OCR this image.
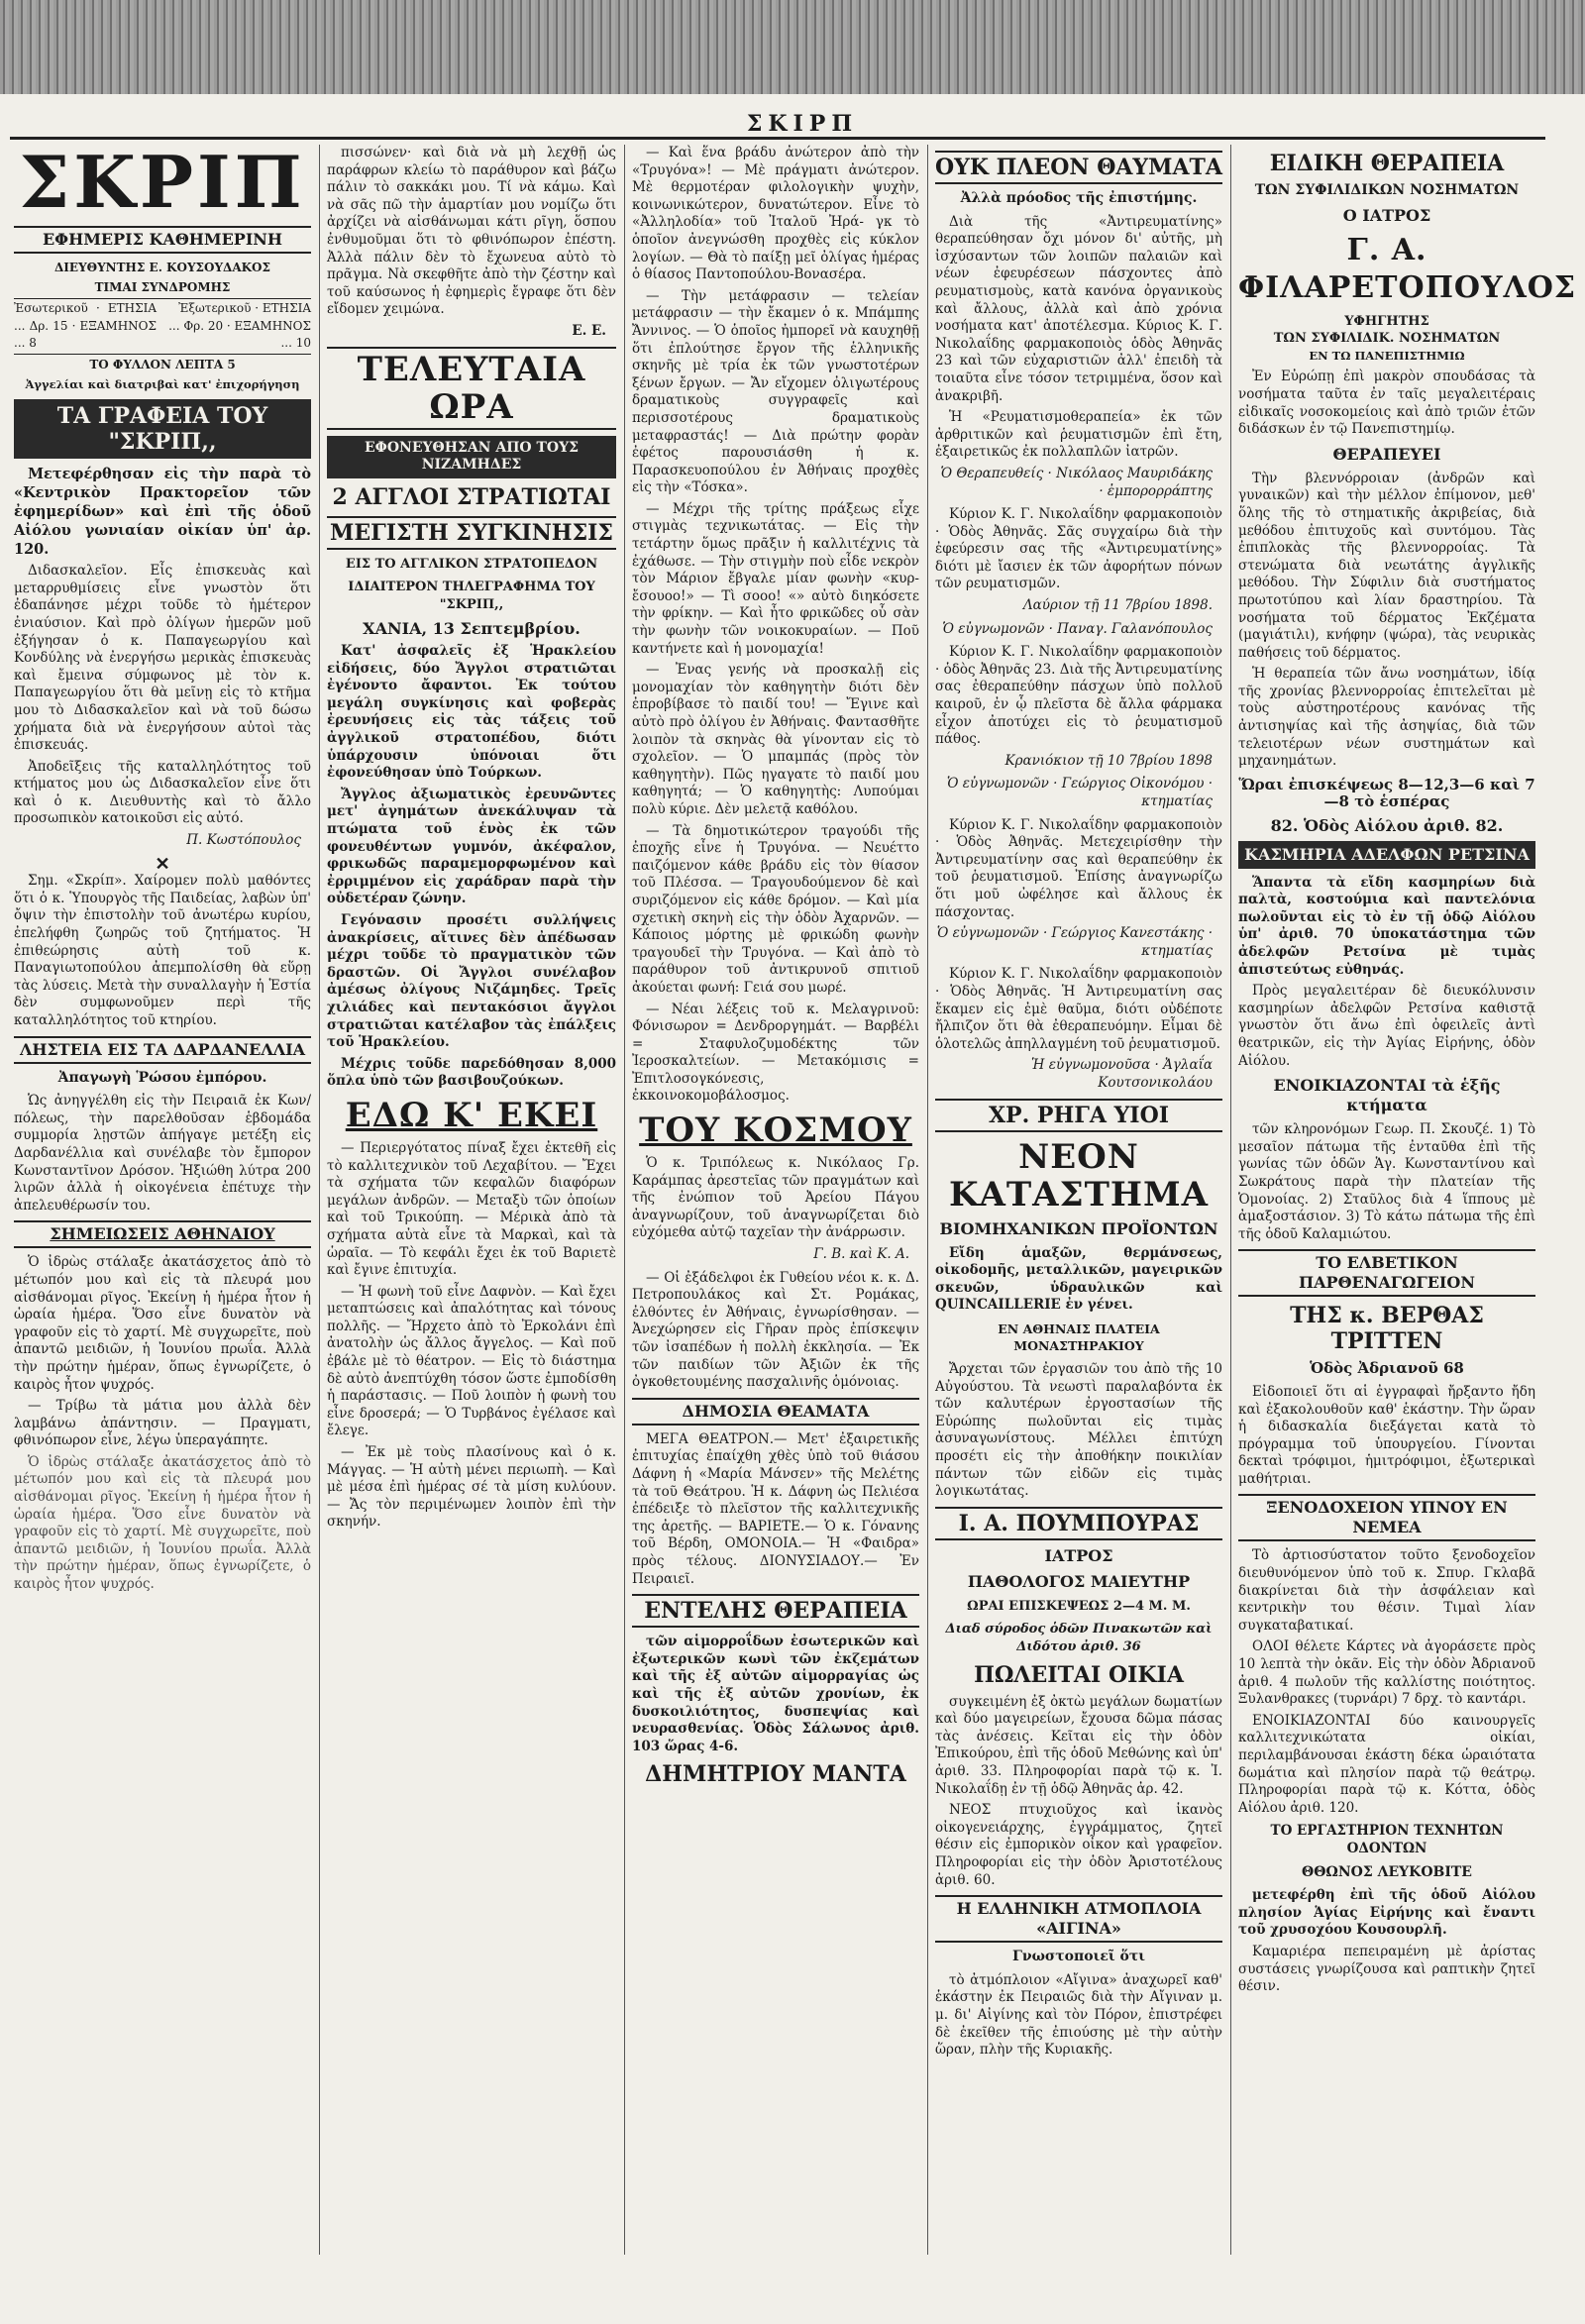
ΣΚΙΡΠ
ΣΚΡΙΠ
ΕΦΗΜΕΡΙΣ ΚΑΘΗΜΕΡΙΝΗ
ΔΙΕΥΘΥΝΤΗΣ Ε. ΚΟΥΣΟΥΔΑΚΟΣ
ΤΙΜΑΙ ΣΥΝΔΡΟΜΗΣ
Ἐσωτερικοῦ · ΕΤΗΣΙΑ ... Δρ. 15 · ΕΞΑΜΗΝΟΣ ... 8
Ἐξωτερικοῦ · ΕΤΗΣΙΑ ... Φρ. 20 · ΕΞΑΜΗΝΟΣ ... 10
ΤΟ ΦΥΛΛΟΝ ΛΕΠΤΑ 5
Ἀγγελίαι καὶ διατριβαὶ κατ' ἐπιχορήγηση
ΤΑ ΓΡΑΦΕΙΑ ΤΟΥ "ΣΚΡΙΠ,,

Μετεφέρθησαν εἰς τὴν παρὰ τὸ «Κεντρικὸν Πρακτορεῖον τῶν ἐφημερίδων» καὶ ἐπὶ τῆς ὁδοῦ Αἰόλου γωνιαίαν οἰκίαν ὑπ' ἀρ. 120.

Διδασκαλεῖον. Εἶς ἐπισκευὰς καὶ μεταρρυθμίσεις εἶνε γνωστὸν ὅτι ἐδαπάνησε μέχρι τοῦδε τὸ ἡμέτερον ἐνιαύσιον. Καὶ πρὸ ὀλίγων ἡμερῶν μοῦ ἐξήγησαν ὁ κ. Παπαγεωργίου καὶ Κονδύλης νὰ ἐνεργήσω μερικὰς ἐπισκευὰς καὶ ἔμεινα σύμφωνος μὲ τὸν κ. Παπαγεωργίου ὅτι θὰ μεῖνῃ εἰς τὸ κτῆμα μου τὸ Διδασκαλεῖον καὶ νὰ τοῦ δώσω χρήματα διὰ νὰ ἐνεργήσουν αὐτοὶ τὰς ἐπισκευάς.

Ἀποδεῖξεις τῆς καταλληλότητος τοῦ κτήματος μου ὡς Διδασκαλεῖον εἶνε ὅτι καὶ ὁ κ. Διευθυντὴς καὶ τὸ ἄλλο προσωπικὸν κατοικοῦσι εἰς αὐτό.

Π. Κωστόπουλος
✕

Σημ. «Σκρίπ». Χαίρομεν πολὺ μαθόντες ὅτι ὁ κ. Ὑπουργὸς τῆς Παιδείας, λαβὼν ὑπ' ὄψιν τὴν ἐπιστολὴν τοῦ ἀνωτέρω κυρίου, ἐπελήφθη ζωηρῶς τοῦ ζητήματος. Ἡ ἐπιθεώρησις αὐτὴ τοῦ κ. Παναγιωτοπούλου ἀπεμπολίσθη θὰ εὕρῃ τὰς λύσεις. Μετὰ τὴν συναλλαγὴν ἡ Ἑστία δὲν συμφωνοῦμεν περὶ τῆς καταλληλότητος τοῦ κτηρίου.

ΛΗΣΤΕΙΑ ΕΙΣ ΤΑ ΔΑΡΔΑΝΕΛΛΙΑ
Ἀπαγωγὴ Ῥώσου ἐμπόρου.

Ὡς ἀνηγγέλθη εἰς τὴν Πειραιᾶ ἐκ Κων/πόλεως, τὴν παρελθοῦσαν ἑβδομάδα συμμορία λῃστῶν ἀπήγαγε μετέξη εἰς Δαρδανέλλια καὶ συνέλαβε τὸν ἔμπορον Κωνσταντῖνον Δρόσον. Ἠξιώθη λύτρα 200 λιρῶν ἀλλὰ ἡ οἰκογένεια ἐπέτυχε τὴν ἀπελευθέρωσίν του.

ΣΗΜΕΙΩΣΕΙΣ ΑΘΗΝΑΙΟΥ

Ὁ ἰδρὼς στάλαξε ἀκατάσχετος ἀπὸ τὸ μέτωπόν μου καὶ εἰς τὰ πλευρά μου αἰσθάνομαι ρῖγος. Ἐκείνη ἡ ἡμέρα ἦτον ἡ ὡραία ἡμέρα. Ὅσο εἶνε δυνατὸν νὰ γραφοῦν εἰς τὸ χαρτί. Μὲ συγχωρεῖτε, ποὺ ἀπαντῶ μειδιῶν, ἡ Ἰουνίου πρωΐα. Ἀλλὰ τὴν πρώτην ἡμέραν, ὅπως ἐγνωρίζετε, ὁ καιρὸς ἦτον ψυχρός.

— Τρίβω τὰ μάτια μου ἀλλὰ δὲν λαμβάνω ἀπάντησιν. — Πραγματι, φθινόπωρον εἶνε, λέγω ὑπεραγάπητε.

Ὁ ἰδρὼς στάλαξε ἀκατάσχετος ἀπὸ τὸ μέτωπόν μου καὶ εἰς τὰ πλευρά μου αἰσθάνομαι ρῖγος. Ἐκείνη ἡ ἡμέρα ἦτον ἡ ὡραία ἡμέρα. Ὅσο εἶνε δυνατὸν νὰ γραφοῦν εἰς τὸ χαρτί. Μὲ συγχωρεῖτε, ποὺ ἀπαντῶ μειδιῶν, ἡ Ἰουνίου πρωΐα. Ἀλλὰ τὴν πρώτην ἡμέραν, ὅπως ἐγνωρίζετε, ὁ καιρὸς ἦτον ψυχρός.

πισσώνεν· καὶ διὰ νὰ μὴ λεχθῇ ὡς παράφρων κλείω τὸ παράθυρον καὶ βάζω πάλιν τὸ σακκάκι μου. Τί νὰ κάμω. Καὶ νὰ σᾶς πῶ τὴν ἁμαρτίαν μου νομίζω ὅτι ἀρχίζει νὰ αἰσθάνωμαι κάτι ρῖγη, ὅσπου ἐνθυμοῦμαι ὅτι τὸ φθινόπωρον ἐπέστη. Ἀλλὰ πάλιν δὲν τὸ ἔχωνευα αὐτὸ τὸ πρᾶγμα. Νὰ σκεφθῆτε ἀπὸ τὴν ζέστην καὶ τοῦ καύσωνος ἡ ἐφημερὶς ἔγραφε ὅτι δὲν εἴδομεν χειμώνα.

Ε. Ε.
ΤΕΛΕΥΤΑΙΑ ΩΡΑ
ΕΦΟΝΕΥΘΗΣΑΝ ΑΠΟ ΤΟΥΣ ΝΙΖΑΜΗΔΕΣ
2 ΑΓΓΛΟΙ ΣΤΡΑΤΙΩΤΑΙ
ΜΕΓΙΣΤΗ ΣΥΓΚΙΝΗΣΙΣ
ΕΙΣ ΤΟ ΑΓΓΛΙΚΟΝ ΣΤΡΑΤΟΠΕΔΟΝ
ΙΔΙΑΙΤΕΡΟΝ ΤΗΛΕΓΡΑΦΗΜΑ ΤΟΥ "ΣΚΡΙΠ,,
ΧΑΝΙΑ, 13 Σεπτεμβρίου.

Κατ' ἀσφαλεῖς ἐξ Ἡρακλείου εἰδήσεις, δύο Ἄγγλοι στρατιῶται ἐγένοντο ἄφαντοι. Ἐκ τούτου μεγάλη συγκίνησις καὶ φοβερὰς ἐρευνήσεις εἰς τὰς τάξεις τοῦ ἀγγλικοῦ στρατοπέδου, διότι ὑπάρχουσιν ὑπόνοιαι ὅτι ἐφονεύθησαν ὑπὸ Τούρκων.

Ἄγγλος ἀξιωματικὸς ἐρευνῶντες μετ' ἀγημάτων ἀνεκάλυψαν τὰ πτώματα τοῦ ἑνὸς ἐκ τῶν φονευθέντων γυμνόν, ἀκέφαλον, φρικωδῶς παραμεμορφωμένον καὶ ἐρριμμένον εἰς χαράδραν παρὰ τὴν οὐδετέραν ζώνην.

Γεγόνασιν προσέτι συλλήψεις ἀνακρίσεις, αἴτινες δὲν ἀπέδωσαν μέχρι τοῦδε τὸ πραγματικὸν τῶν δραστῶν. Οἱ Ἄγγλοι συνέλαβον ἀμέσως ὀλίγους Νιζάμηδες. Τρεῖς χιλιάδες καὶ πεντακόσιοι ἄγγλοι στρατιῶται κατέλαβον τὰς ἐπάλξεις τοῦ Ἡρακλείου.

Μέχρις τοῦδε παρεδόθησαν 8,000 ὅπλα ὑπὸ τῶν βασιβουζούκων.

ΕΔΩ Κ' ΕΚΕΙ

— Περιεργότατος πίναξ ἔχει ἐκτεθῆ εἰς τὸ καλλιτεχνικὸν τοῦ Λεχαβίτου. — Ἔχει τὰ σχήματα τῶν κεφαλῶν διαφόρων μεγάλων ἀνδρῶν. — Μεταξὺ τῶν ὁποίων καὶ τοῦ Τρικούπη. — Μέρικὰ ἀπὸ τὰ σχήματα αὐτὰ εἶνε τὰ Μαρκαὶ, καὶ τὰ ὡραῖα. — Τὸ κεφάλι ἔχει ἐκ τοῦ Βαριετὲ καὶ ἔγινε ἐπιτυχία.

— Ἡ φωνὴ τοῦ εἶνε Δαφνὸν. — Καὶ ἔχει μεταπτώσεις καὶ ἀπαλότητας καὶ τόνους πολλῆς. — Ἤρχετο ἀπὸ τὸ Ἐρκολάνι ἐπὶ ἀνατολὴν ὡς ἄλλος ἄγγελος. — Καὶ ποῦ ἐβάλε μὲ τὸ θέατρον. — Εἰς τὸ διάστημα δὲ αὐτὸ ἀνεπτύχθη τόσον ὥστε ἐμποδίσθη ἡ παράστασις. — Ποῦ λοιπὸν ἡ φωνὴ του εἶνε δροσερά; — Ὁ Τυρβάνος ἐγέλασε καὶ ἔλεγε.

— Ἐκ μὲ τοὺς πλασίνους καὶ ὁ κ. Μάγγας. — Ἡ αὐτὴ μένει περιωπὴ. — Καὶ μὲ μέσα ἐπὶ ἡμέρας σέ τὰ μίση κυλύουν. — Ἄς τὸν περιμένωμεν λοιπὸν ἐπὶ τὴν σκηνήν.

— Καὶ ἕνα βράδυ ἀνώτερον ἀπὸ τὴν «Τρυγόνα»! — Μὲ πράγματι ἀνώτερον. Μὲ θερμοτέραν φιλολογικὴν ψυχὴν, κοινωνικώτερον, δυνατώτερον. Εἶνε τὸ «Ἀλληλοδία» τοῦ Ἰταλοῦ Ἠρά- γκ τὸ ὁποῖον ἀνεγνώσθη προχθὲς εἰς κύκλον λογίων. — Θὰ τὸ παίξῃ μεῖ ὀλίγας ἡμέρας ὁ θίασος Παντοπούλου-Βονασέρα.

— Τὴν μετάφρασιν — τελείαν μετάφρασιν — τὴν ἔκαμεν ὁ κ. Μπάμπης Ἄννινος. — Ὁ ὁποῖος ἠμπορεῖ νὰ καυχηθῇ ὅτι ἐπλούτησε ἔργον τῆς ἑλληνικῆς σκηνῆς μὲ τρία ἐκ τῶν γνωστοτέρων ξένων ἔργων. — Ἄν εἴχομεν ὀλιγωτέρους δραματικοὺς συγγραφεῖς καὶ περισσοτέρους δραματικοὺς μεταφραστάς! — Διὰ πρώτην φορὰν ἐφέτος παρουσιάσθη ἡ κ. Παρασκευοπούλου ἐν Ἀθήναις προχθὲς εἰς τὴν «Τόσκα».

— Μέχρι τῆς τρίτης πράξεως εἶχε στιγμὰς τεχνικωτάτας. — Εἰς τὴν τετάρτην ὅμως πρᾶξιν ἡ καλλιτέχνις τὰ ἐχάθωσε. — Τὴν στιγμὴν ποὺ εἶδε νεκρὸν τὸν Μάριον ἔβγαλε μίαν φωνὴν «κυρ-ἔσουοο!» — Τὶ σοοο! «» αὐτὸ διηκόσετε τὴν φρίκην. — Καὶ ἦτο φρικῶδες οὗ σὰν τὴν φωνὴν τῶν νοικοκυραίων. — Ποῦ καντήνετε καὶ ἡ μονομαχία!

— Ἐνας γενής νὰ προσκαλῇ εἰς μονομαχίαν τὸν καθηγητὴν διότι δὲν ἐπροβίβασε τὸ παιδί του! — Ἔγινε καὶ αὐτὸ πρὸ ὀλίγου ἐν Ἀθήναις. Φαντασθῆτε λοιπὸν τὰ σκηνὰς θὰ γίνονταν εἰς τὸ σχολεῖον. — Ὁ μπαμπάς (πρὸς τὸν καθηγητὴν). Πῶς ηγαγατε τὸ παιδί μου καθηγητά; — Ὁ καθηγητὴς: Λυπούμαι πολὺ κύριε. Δὲν μελετᾷ καθόλου.

— Τὰ δημοτικώτερον τραγούδι τῆς ἐποχῆς εἶνε ἡ Τρυγόνα. — Νευέττο παιζόμενον κάθε βράδυ εἰς τὸν θίασον τοῦ Πλέσσα. — Τραγουδούμενον δὲ καὶ συριζόμενον εἰς κάθε δρόμον. — Καὶ μία σχετικὴ σκηνὴ εἰς τὴν ὁδὸν Ἀχαρνῶν. — Κάποιος μόρτης μὲ φρικώδη φωνὴν τραγουδεῖ τὴν Τρυγόνα. — Καὶ ἀπὸ τὸ παράθυρον τοῦ ἀντικρυνοῦ σπιτιοῦ ἀκούεται φωνή: Γειά σου μωρέ.

— Νέαι λέξεις τοῦ κ. Μελαγρινοῦ: Φόνισωρον = Δενδροργημάτ. — Βαρβέλι = Σταφυλοζυμοδέκτης τῶν Ἰεροσκαλτείων. — Μετακόμισις = Ἐπιτλοσογκόνεσις, ἐκκοινοκομοβάλοσμος.

ΤΟΥ ΚΟΣΜΟΥ

Ὁ κ. Τριπόλεως κ. Νικόλαος Γρ. Καράμπας ἀρεστεῖας τῶν πραγμάτων καὶ τῆς ἐνώπιον τοῦ Ἀρείου Πάγου ἀναγνωρίζουν, τοῦ ἀναγνωρίζεται διὸ εὐχόμεθα αὐτῷ ταχεῖαν τὴν ἀνάρρωσιν.

Γ. Β. καὶ Κ. Α.

— Οἱ ἐξάδελφοι ἐκ Γυθείου νέοι κ. κ. Δ. Πετροπουλάκος καὶ Στ. Ρομάκας, ἐλθόντες ἐν Ἀθήναις, ἐγνωρίσθησαν. — Ἀνεχώρησεν εἰς Γῆραν πρὸς ἐπίσκεψιν τῶν ἰσαπέδων ἡ πολλὴ ἐκκλησία. — Ἐκ τῶν παιδίων τῶν Ἀξιῶν ἐκ τῆς ὀγκοθετουμένης πασχαλινῆς ὁμόνοιας.

ΔΗΜΟΣΙΑ ΘΕΑΜΑΤΑ

ΜΕΓΑ ΘΕΑΤΡΟΝ.— Μετ' ἐξαιρετικῆς ἐπιτυχίας ἐπαίχθη χθὲς ὑπὸ τοῦ θιάσου Δάφνη ἡ «Μαρία Μάνσεν» τῆς Μελέτης τὰ τοῦ Θεάτρου. Ἡ κ. Δάφνη ὡς Πελιέσα ἐπέδειξε τὸ πλεῖστον τῆς καλλιτεχνικῆς της ἀρετῆς. — ΒΑΡΙΕΤΕ.— Ὁ κ. Γόνανης τοῦ Βέρδη, ΟΜΟΝΟΙΑ.— Ἡ «Φαιδρα» πρὸς τέλους. ΔΙΟΝΥΣΙΑΔΟΥ.— Ἐν Πειραιεῖ.

ΕΝΤΕΛΗΣ ΘΕΡΑΠΕΙΑ

τῶν αἱμορροΐδων ἐσωτερικῶν καὶ ἐξωτερικῶν κωνὶ τῶν ἐκζεμάτων καὶ τῆς ἐξ αὐτῶν αἱμορραγίας ὡς καὶ τῆς ἐξ αὐτῶν χρονίων, ἐκ δυσκοιλιότητος, δυσπεψίας καὶ νευρασθενίας. Ὁδὸς Σάλωνος ἀριθ. 103 ὥρας 4-6.

ΔΗΜΗΤΡΙΟΥ ΜΑΝΤΑ
ΟΥΚ ΠΛΕΟΝ ΘΑΥΜΑΤΑ
Ἀλλὰ πρόοδος τῆς ἐπιστήμης.

Διὰ τῆς «Ἀντιρευματίνης» θεραπεύθησαν ὄχι μόνον δι' αὐτῆς, μὴ ἰσχύσαντων τῶν λοιπῶν παλαιῶν καὶ νέων ἐφευρέσεων πάσχοντες ἀπὸ ρευματισμοὺς, κατὰ κανόνα ὀργανικοὺς καὶ ἄλλους, ἀλλὰ καὶ ἀπὸ χρόνια νοσήματα κατ' ἀποτέλεσμα. Κύριος Κ. Γ. Νικολαΐδης φαρμακοποιὸς ὁδὸς Ἀθηνᾶς 23 καὶ τῶν εὐχαριστιῶν ἀλλ' ἐπειδὴ τὰ τοιαῦτα εἶνε τόσον τετριμμένα, ὅσον καὶ ἀνακριβῆ.

Ἡ «Ρευματισμοθεραπεία» ἐκ τῶν ἀρθριτικῶν καὶ ῥευματισμῶν ἐπὶ ἔτη, ἐξαιρετικῶς ἐκ πολλαπλῶν ἰατρῶν.

Ὁ Θεραπευθείς · Νικόλαος Μαυριδάκης · ἐμπορορράπτης

Κύριον Κ. Γ. Νικολαΐδην φαρμακοποιὸν · Ὁδὸς Ἀθηνᾶς. Σᾶς συγχαίρω διὰ τὴν ἐφεύρεσιν σας τῆς «Ἀντιρευματίνης» διότι μὲ ἴασιεν ἐκ τῶν ἀφορήτων πόνων τῶν ρευματισμῶν.

Λαύριον τῇ 11 7βρίου 1898.
Ὁ εὐγνωμονῶν · Παναγ. Γαλανόπουλος

Κύριον Κ. Γ. Νικολαΐδην φαρμακοποιὸν · ὁδὸς Ἀθηνᾶς 23. Διὰ τῆς Ἀντιρευματίνης σας ἐθεραπεύθην πάσχων ὑπὸ πολλοῦ καιροῦ, ἐν ᾧ πλεῖστα δὲ ἄλλα φάρμακα εἶχον ἀποτύχει εἰς τὸ ῥευματισμοῦ πάθος.

Κρανιόκιον τῇ 10 7βρίου 1898
Ὁ εὐγνωμονῶν · Γεώργιος Οἰκονόμου · κτηματίας

Κύριον Κ. Γ. Νικολαΐδην φαρμακοποιὸν · Ὁδὸς Ἀθηνᾶς. Μετεχειρίσθην τὴν Ἀντιρευματίνην σας καὶ θεραπεύθην ἐκ τοῦ ῥευματισμοῦ. Ἐπίσης ἀναγνωρίζω ὅτι μοῦ ὠφέλησε καὶ ἄλλους ἐκ πάσχοντας.

Ὁ εὐγνωμονῶν · Γεώργιος Κανεστάκης · κτηματίας

Κύριον Κ. Γ. Νικολαΐδην φαρμακοποιὸν · Ὁδὸς Ἀθηνᾶς. Ἡ Ἀντιρευματίνη σας ἔκαμεν εἰς ἐμὲ θαῦμα, διότι οὐδέποτε ἤλπιζον ὅτι θὰ ἐθεραπευόμην. Εἶμαι δὲ ὁλοτελῶς ἀπηλλαγμένη τοῦ ῥευματισμοῦ.

Ἡ εὐγνωμονοῦσα · Ἀγλαΐα Κουτσονικολάου
ΧΡ. ΡΗΓΑ ΥΙΟΙ
ΝΕΟΝ ΚΑΤΑΣΤΗΜΑ
ΒΙΟΜΗΧΑΝΙΚΩΝ ΠΡΟΪΟΝΤΩΝ

Εἴδη ἁμαξῶν, θερμάνσεως, οἰκοδομῆς, μεταλλικῶν, μαγειρικῶν σκευῶν, ὑδραυλικῶν καὶ QUINCAILLERIE ἐν γένει.

ΕΝ ΑΘΗΝΑΙΣ ΠΛΑΤΕΙΑ ΜΟΝΑΣΤΗΡΑΚΙΟΥ

Ἄρχεται τῶν ἐργασιῶν του ἀπὸ τῆς 10 Αὐγούστου. Τὰ νεωστὶ παραλαβόντα ἐκ τῶν καλυτέρων ἐργοστασίων τῆς Εὐρώπης πωλοῦνται εἰς τιμὰς ἀσυναγωνίστους. Μέλλει ἐπιτύχη προσέτι εἰς τὴν ἀποθήκην ποικιλίαν πάντων τῶν εἰδῶν εἰς τιμὰς λογικωτάτας.

Ι. Α. ΠΟΥΜΠΟΥΡΑΣ
ΙΑΤΡΟΣ
ΠΑΘΟΛΟΓΟΣ ΜΑΙΕΥΤΗΡ
ΩΡΑΙ ΕΠΙΣΚΕΨΕΩΣ 2—4 Μ. Μ.
Διαδ σύροδος ὁδῶν Πινακωτῶν καὶ Διδότου ἀριθ. 36
ΠΩΛΕΙΤΑΙ ΟΙΚΙΑ

συγκειμένη ἐξ ὀκτὼ μεγάλων δωματίων καὶ δύο μαγειρείων, ἔχουσα δῶμα πάσας τὰς ἀνέσεις. Κεῖται εἰς τὴν ὁδὸν Ἐπικούρου, ἐπὶ τῆς ὁδοῦ Μεθώνης καὶ ὑπ' ἀριθ. 33. Πληροφορίαι παρὰ τῷ κ. Ἰ. Νικολαΐδῃ ἐν τῇ ὁδῷ Ἀθηνᾶς ἀρ. 42.

ΝΕΟΣ πτυχιοῦχος καὶ ἱκανὸς οἰκογενειάρχης, ἐγγράμματος, ζητεῖ θέσιν εἰς ἐμπορικὸν οἶκον καὶ γραφεῖον. Πληροφορίαι εἰς τὴν ὁδὸν Ἀριστοτέλους ἀριθ. 60.

Η ΕΛΛΗΝΙΚΗ ΑΤΜΟΠΛΟΙΑ «ΑΙΓΙΝΑ»
Γνωστοποιεῖ ὅτι

τὸ ἀτμόπλοιον «Αἴγινα» ἀναχωρεῖ καθ' ἑκάστην ἐκ Πειραιῶς διὰ τὴν Αἴγιναν μ. μ. δι' Αἰγίνης καὶ τὸν Πόρον, ἐπιστρέφει δὲ ἐκεῖθεν τῆς ἐπιούσης μὲ τὴν αὐτὴν ὥραν, πλὴν τῆς Κυριακῆς.

ΕΙΔΙΚΗ ΘΕΡΑΠΕΙΑ
ΤΩΝ ΣΥΦΙΛΙΔΙΚΩΝ ΝΟΣΗΜΑΤΩΝ
Ο ΙΑΤΡΟΣ
Γ. Α. ΦΙΛΑΡΕΤΟΠΟΥΛΟΣ
ΥΦΗΓΗΤΗΣ
ΤΩΝ ΣΥΦΙΛΙΔΙΚ. ΝΟΣΗΜΑΤΩΝ
ΕΝ ΤΩ ΠΑΝΕΠΙΣΤΗΜΙΩ

Ἐν Εὐρώπῃ ἐπὶ μακρὸν σπουδάσας τὰ νοσήματα ταῦτα ἐν ταῖς μεγαλειτέραις εἰδικαῖς νοσοκομείοις καὶ ἀπὸ τριῶν ἐτῶν διδάσκων ἐν τῷ Πανεπιστημίῳ.

ΘΕΡΑΠΕΥΕΙ

Τὴν βλεννόρροιαν (ἀνδρῶν καὶ γυναικῶν) καὶ τὴν μέλλον ἐπίμονον, μεθ' ὅλης τῆς τὸ στηματικῆς ἀκριβείας, διὰ μεθόδου ἐπιτυχοῦς καὶ συντόμου. Τὰς ἐπιπλοκὰς τῆς βλεννορροίας. Τὰ στενώματα διὰ νεωτάτης ἀγγλικῆς μεθόδου. Τὴν Σύφιλιν διὰ συστήματος πρωτοτύπου καὶ λίαν δραστηρίου. Τὰ νοσήματα τοῦ δέρματος Ἐκζέματα (μαγιάτιλι), κνήφην (ψώρα), τὰς νευρικὰς παθήσεις τοῦ δέρματος.

Ἡ θεραπεία τῶν ἄνω νοσημάτων, ἰδίᾳ τῆς χρονίας βλεννορροίας ἐπιτελεῖται μὲ τοὺς αὐστηροτέρους κανόνας τῆς ἀντισηψίας καὶ τῆς ἀσηψίας, διὰ τῶν τελειοτέρων νέων συστημάτων καὶ μηχανημάτων.

Ὥραι ἐπισκέψεως 8—12,3—6 καὶ 7—8 τὸ ἑσπέρας
82. Ὁδὸς Αἰόλου ἀριθ. 82.
ΚΑΣΜΗΡΙΑ ΑΔΕΛΦΩΝ ΡΕΤΣΙΝΑ

Ἅπαντα τὰ εἴδη κασμηρίων διὰ παλτὰ, κοστούμια καὶ παντελόνια πωλοῦνται εἰς τὸ ἐν τῇ ὁδῷ Αἰόλου ὑπ' ἀριθ. 70 ὑποκατάστημα τῶν ἀδελφῶν Ρετσίνα μὲ τιμὰς ἀπιστεύτως εὐθηνάς.

Πρὸς μεγαλειτέραν δὲ διευκόλυνσιν κασμηρίων ἀδελφῶν Ρετσίνα καθιστᾷ γνωστὸν ὅτι ἄνω ἐπὶ ὀφειλεῖς ἀντὶ θεατρικῶν, εἰς τὴν Ἀγίας Εἰρήνης, ὁδὸν Αἰόλου.

ΕΝΟΙΚΙΑΖΟΝΤΑΙ τὰ ἑξῆς κτήματα

τῶν κληρονόμων Γεωρ. Π. Σκουζέ. 1) Τὸ μεσαῖον πάτωμα τῆς ἐνταῦθα ἐπὶ τῆς γωνίας τῶν ὁδῶν Ἁγ. Κωνσταντίνου καὶ Σωκράτους παρὰ τὴν πλατείαν τῆς Ὁμονοίας. 2) Σταῦλος διὰ 4 ἵππους μὲ ἀμαξοστάσιον. 3) Τὸ κάτω πάτωμα τῆς ἐπὶ τῆς ὁδοῦ Καλαμιώτου.

ΤΟ ΕΛΒΕΤΙΚΟΝ ΠΑΡΘΕΝΑΓΩΓΕΙΟΝ
ΤΗΣ κ. ΒΕΡΘΑΣ ΤΡΙΤΤΕΝ
Ὁδὸς Ἀδριανοῦ 68

Εἰδοποιεῖ ὅτι αἱ ἐγγραφαὶ ἤρξαντο ἤδη καὶ ἐξακολουθοῦν καθ' ἑκάστην. Τὴν ὥραν ἡ διδασκαλία διεξάγεται κατὰ τὸ πρόγραμμα τοῦ ὑπουργείου. Γίνονται δεκταὶ τρόφιμοι, ἡμιτρόφιμοι, ἐξωτερικαὶ μαθήτριαι.

ΞΕΝΟΔΟΧΕΙΟΝ ΥΠΝΟΥ ΕΝ ΝΕΜΕΑ

Τὸ ἀρτιοσύστατον τοῦτο ξενοδοχεῖον διευθυνόμενον ὑπὸ τοῦ κ. Σπυρ. Γκλαβᾶ διακρίνεται διὰ τὴν ἀσφάλειαν καὶ κεντρικὴν του θέσιν. Τιμαὶ λίαν συγκαταβατικαί.

ΟΛΟΙ θέλετε Κάρτες νὰ ἀγοράσετε πρὸς 10 λεπτὰ τὴν ὀκᾶν. Εἰς τὴν ὁδὸν Ἀδριανοῦ ἀριθ. 4 πωλοῦν τῆς καλλίστης ποιότητος. Ξυλανθρακες (τυρνάρι) 7 δρχ. τὸ καντάρι.

ΕΝΟΙΚΙΑΖΟΝΤΑΙ δύο καινουργεῖς καλλιτεχνικώτατα οἰκίαι, περιλαμβάνουσαι ἑκάστη δέκα ὡραιότατα δωμάτια καὶ πλησίον παρὰ τῷ θεάτρῳ. Πληροφορίαι παρὰ τῷ κ. Κόττα, ὁδὸς Αἰόλου ἀριθ. 120.

ΤΟ ΕΡΓΑΣΤΗΡΙΟΝ ΤΕΧΝΗΤΩΝ ΟΔΟΝΤΩΝ
ΘΘΩΝΟΣ ΛΕΥΚΟΒΙΤΕ

μετεφέρθη ἐπὶ τῆς ὁδοῦ Αἰόλου πλησίον Ἁγίας Εἰρήνης καὶ ἔναντι τοῦ χρυσοχόου Κουσουρλῆ.

Καμαριέρα πεπειραμένη μὲ ἀρίστας συστάσεις γνωρίζουσα καὶ ραπτικὴν ζητεῖ θέσιν.
